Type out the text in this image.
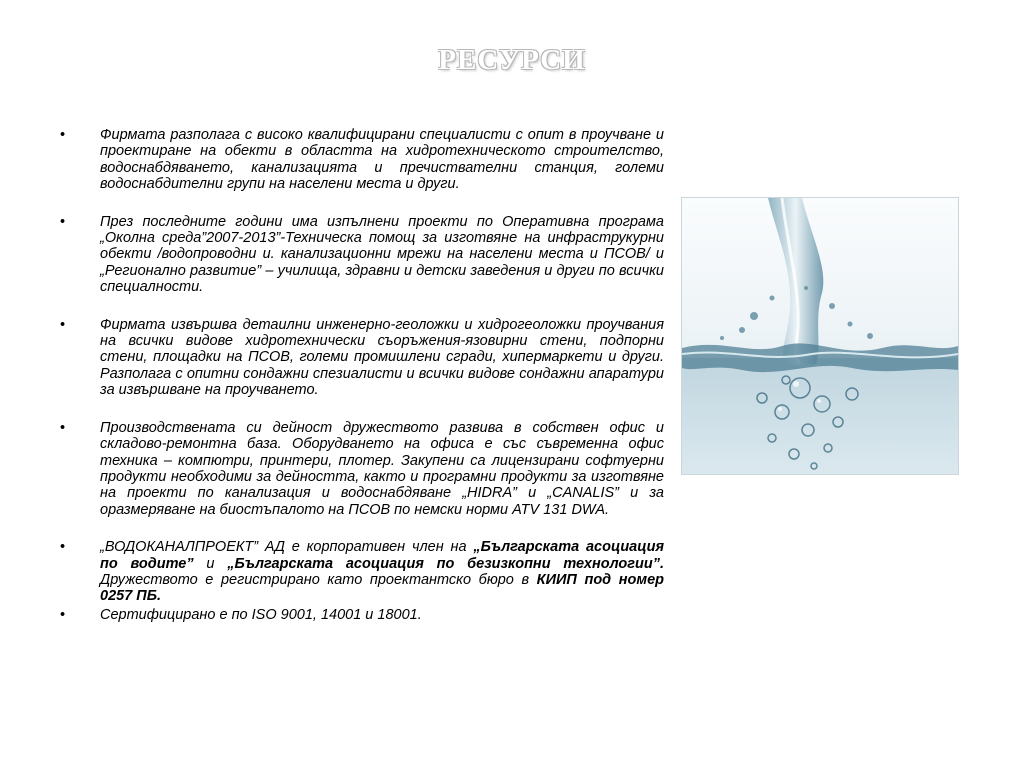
РЕСУРСИ
• Фирмата разполага с високо квалифицирани специалисти с опит в проучване и проектиране на обекти в областта на хидротехническото строителство, водоснабдяването, канализацията и пречиствателни станция, големи водоснабдителни групи на населени места и други.
• През последните години има изпълнени проекти по Оперативна програма „Околна среда”2007-2013”-Техническа помощ за изготвяне на инфраструкурни обекти /водопроводни и. канализационни мрежи на населени места и ПСОВ/ и „Регионално развитие” – училища, здравни и детски заведения и други по всички специалности.
• Фирмата извършва детаилни инженерно-геоложки и хидрогеоложки проучвания на всички видове хидротехнически съоръжения-язовирни стени, подпорни стени, площадки на ПСОВ, големи промишлени сгради, хипермаркети и други. Разполага с опитни сондажни спезиалисти и всички видове сондажни апаратури за извършване на проучването.
• Производствената си дейност дружеството развива в собствен офис и складово-ремонтна база. Оборудването на офиса е със съвременна офис техника – компютри, принтери, плотер. Закупени са лицензирани софтуерни продукти необходими за дейността, както и програмни продукти за изготвяне на проекти по канализация и водоснабдяване „HIDRA” и „CANALIS” и за оразмеряване на биостъпалото на ПСОВ по немски норми ATV 131 DWA.
• „ВОДОКАНАЛПРОЕКТ” АД е корпоративен член на „Българската асоциация по водите” и „Българската асоциация по безизкопни технологии”. Дружеството е регистрирано като проектантско бюро в КИИП под номер 0257 ПБ.
• Сертифицирано е по ISO 9001, 14001 и 18001.
